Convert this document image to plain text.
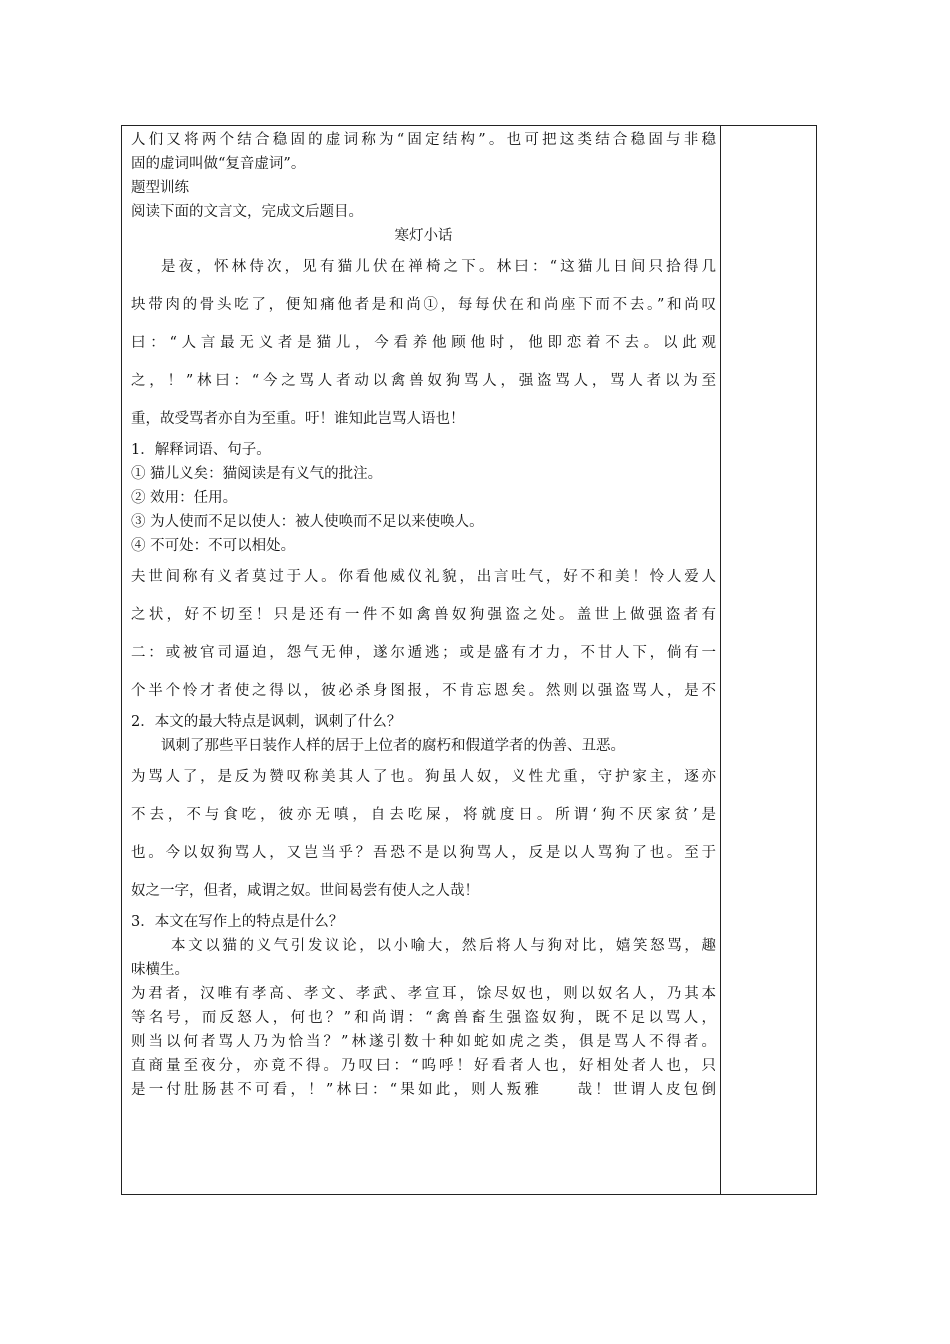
人们又将两个结合稳固的虚词称为“固定结构”。也可把这类结合稳固与非稳
固的虚词叫做“复音虚词”。
题型训练
阅读下面的文言文，完成文后题目。
寒灯小话
是夜，怀林侍次，见有猫儿伏在禅椅之下。林曰：“这猫儿日间只拾得几
块带肉的骨头吃了，便知痛他者是和尚①，每每伏在和尚座下而不去。”和尚叹
曰：“人言最无义者是猫儿，今看养他顾他时，他即恋着不去。以此观
之，！”林曰：“今之骂人者动以禽兽奴狗骂人，强盗骂人，骂人者以为至
重，故受骂者亦自为至重。吁！谁知此岂骂人语也！
1．解释词语、句子。
① 猫儿义矣：猫阅读是有义气的批注。
② 效用：任用。
③ 为人使而不足以使人：被人使唤而不足以来使唤人。
④ 不可处：不可以相处。
夫世间称有义者莫过于人。你看他威仪礼貌，出言吐气，好不和美！怜人爱人
之状，好不切至！只是还有一件不如禽兽奴狗强盗之处。盖世上做强盗者有
二：或被官司逼迫，怨气无伸，遂尔遁逃；或是盛有才力，不甘人下，倘有一
个半个怜才者使之得以，彼必杀身图报，不肯忘恩矣。然则以强盗骂人，是不
2．本文的最大特点是讽刺，讽刺了什么？
讽刺了那些平日装作人样的居于上位者的腐朽和假道学者的伪善、丑恶。
为骂人了，是反为赞叹称美其人了也。狗虽人奴，义性尤重，守护家主，逐亦
不去，不与食吃，彼亦无嗔，自去吃屎，将就度日。所谓‘狗不厌家贫’是
也。今以奴狗骂人，又岂当乎？吾恐不是以狗骂人，反是以人骂狗了也。至于
奴之一字，但者，咸谓之奴。世间曷尝有使人之人哉！
3．本文在写作上的特点是什么？
本文以猫的义气引发议论，以小喻大，然后将人与狗对比，嬉笑怒骂，趣
味横生。
为君者，汉唯有孝高、孝文、孝武、孝宣耳，馀尽奴也，则以奴名人，乃其本
等名号，而反怒人，何也？”和尚谓：“禽兽畜生强盗奴狗，既不足以骂人，
则当以何者骂人乃为恰当？”林遂引数十种如蛇如虎之类，俱是骂人不得者。
直商量至夜分，亦竟不得。乃叹曰：“呜呼！好看者人也，好相处者人也，只
是一付肚肠甚不可看，！”林曰：“果如此，则人叛雅　　哉！世谓人皮包倒
